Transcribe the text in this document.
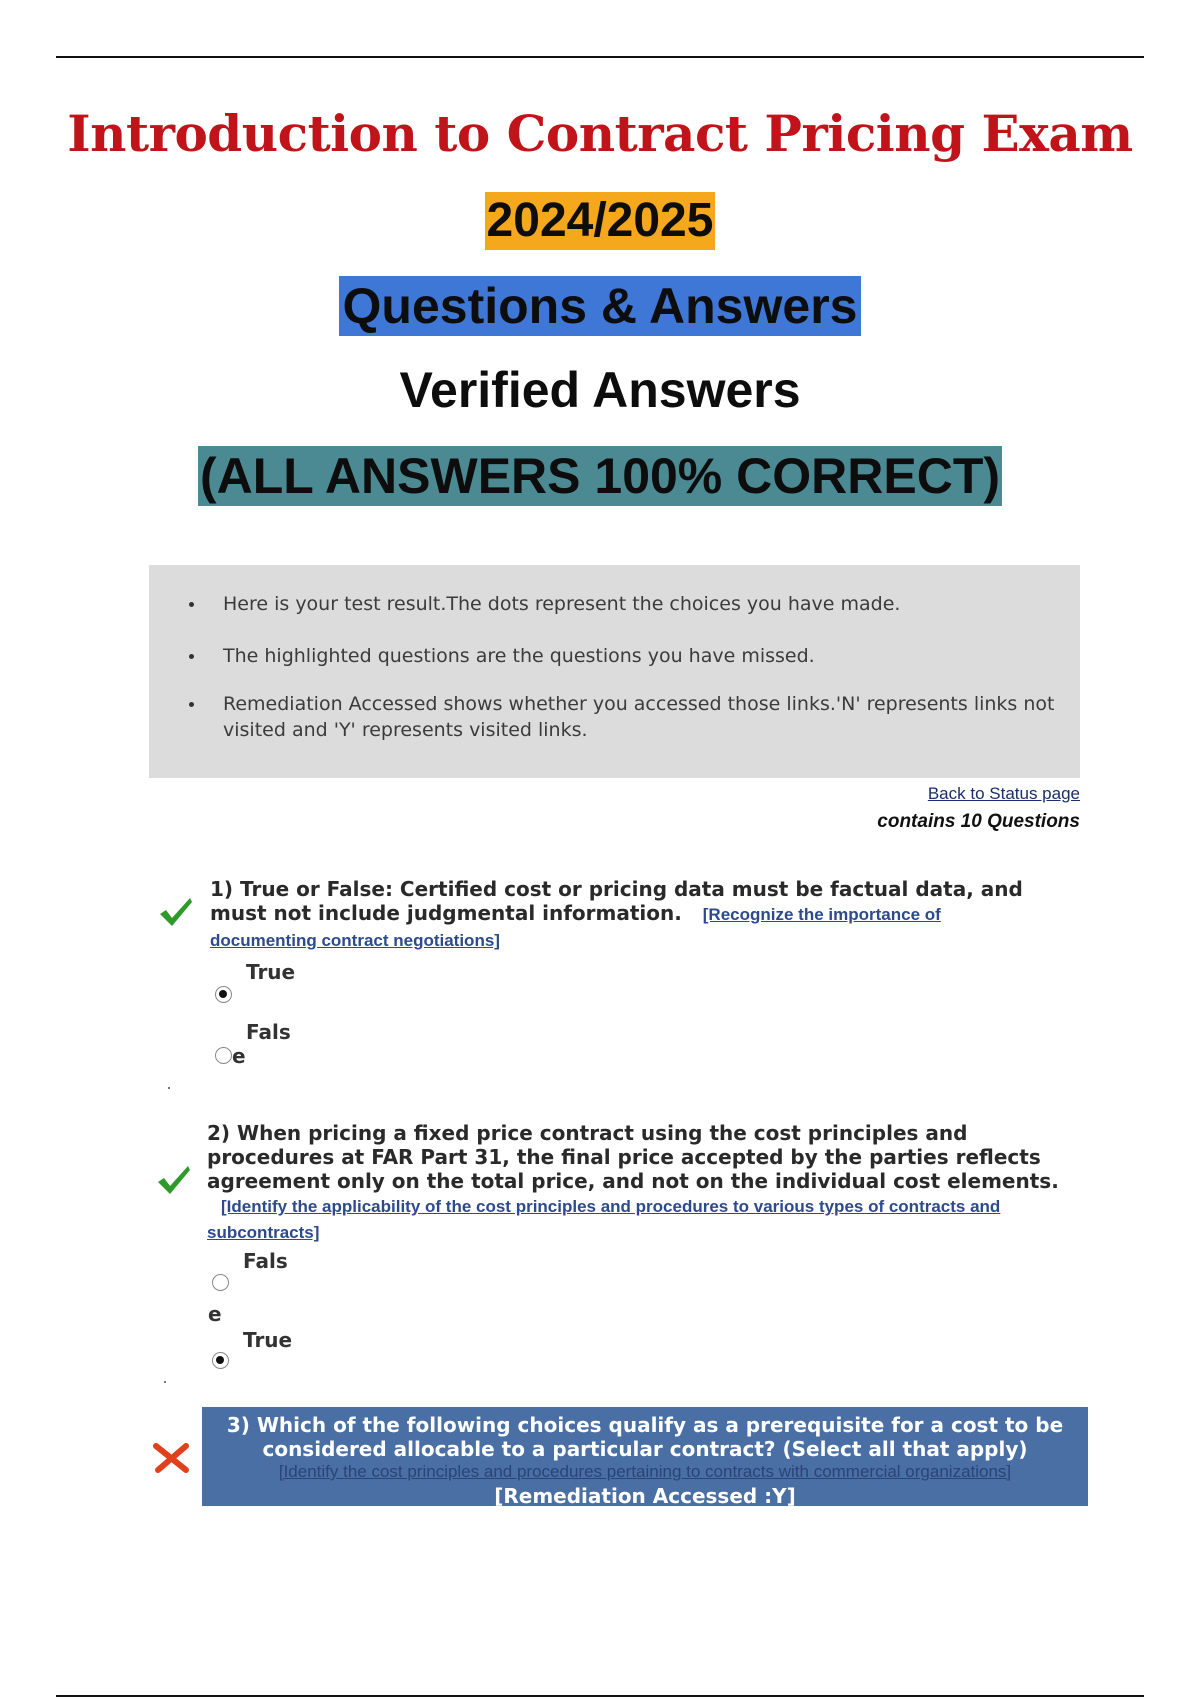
Introduction to Contract Pricing Exam
2024/2025
Questions & Answers
Verified Answers
(ALL ANSWERS 100% CORRECT)
Here is your test result.The dots represent the choices you have made.
The highlighted questions are the questions you have missed.
Remediation Accessed shows whether you accessed those links.'N' represents links not visited and 'Y' represents visited links.
Back to Status page
contains 10 Questions
1) True or False: Certified cost or pricing data must be factual data, and must not include judgmental information. [Recognize the importance of documenting contract negotiations]
True
Fals
e
2) When pricing a fixed price contract using the cost principles and procedures at FAR Part 31, the final price accepted by the parties reflects agreement only on the total price, and not on the individual cost elements.
[Identify the applicability of the cost principles and procedures to various types of contracts and subcontracts]
Fals
e
True
3) Which of the following choices qualify as a prerequisite for a cost to be considered allocable to a particular contract? (Select all that apply)
[Identify the cost principles and procedures pertaining to contracts with commercial organizations]
[Remediation Accessed :Y]
